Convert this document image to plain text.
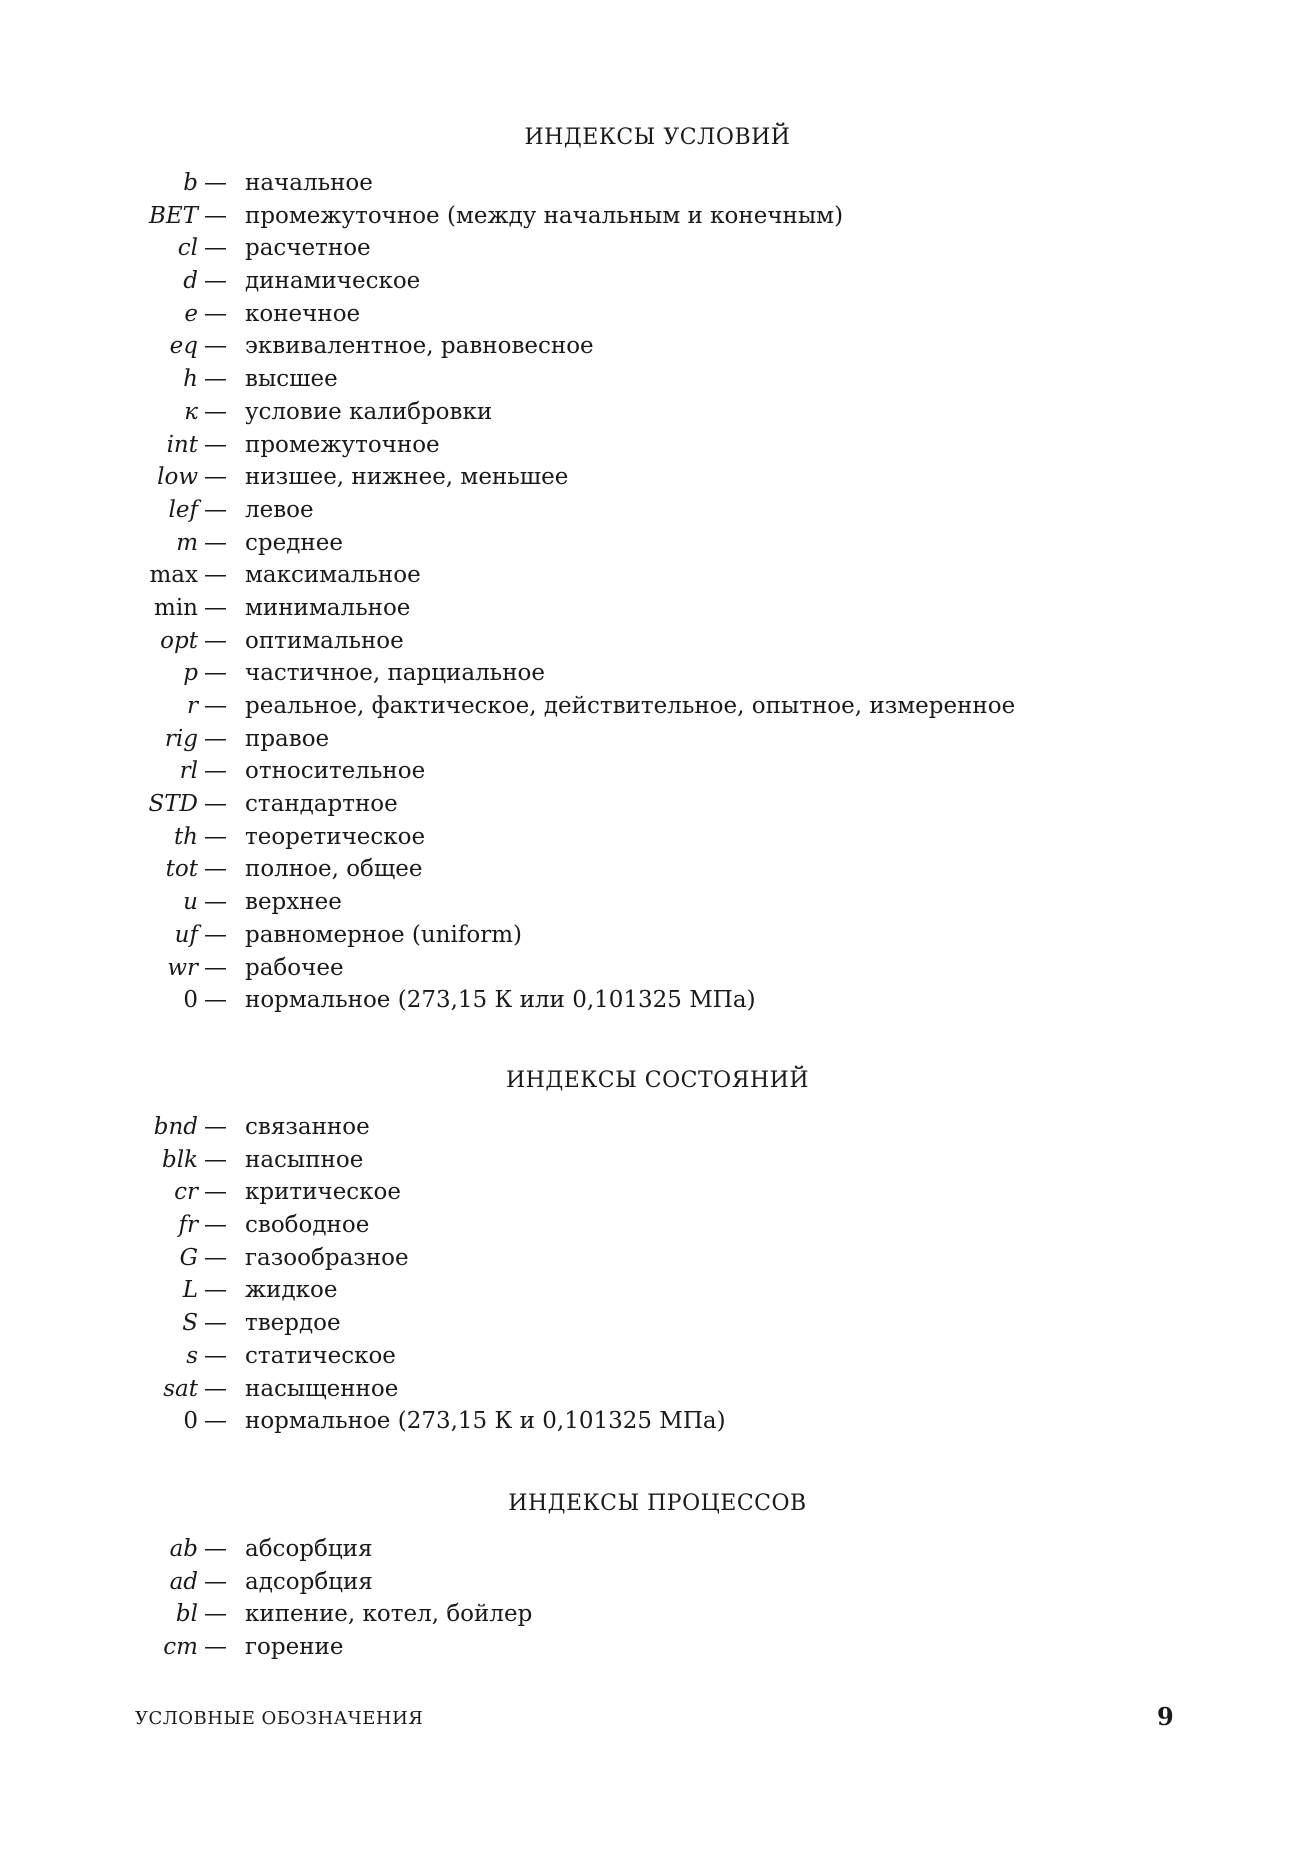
ИНДЕКСЫ УСЛОВИЙ
b — начальное
BET — промежуточное (между начальным и конечным)
cl — расчетное
d — динамическое
e — конечное
eq — эквивалентное, равновесное
h — высшее
к — условие калибровки
int — промежуточное
low — низшее, нижнее, меньшее
lef — левое
m — среднее
max — максимальное
min — минимальное
opt — оптимальное
p — частичное, парциальное
r — реальное, фактическое, действительное, опытное, измеренное
rig — правое
rl — относительное
STD — стандартное
th — теоретическое
tot — полное, общее
u — верхнее
uf — равномерное (uniform)
wr — рабочее
0 — нормальное (273,15 К или 0,101325 МПа)
ИНДЕКСЫ СОСТОЯНИЙ
bnd — связанное
blk — насыпное
cr — критическое
fr — свободное
G — газообразное
L — жидкое
S — твердое
s — статическое
sat — насыщенное
0 — нормальное (273,15 К и 0,101325 МПа)
ИНДЕКСЫ ПРОЦЕССОВ
ab — абсорбция
ad — адсорбция
bl — кипение, котел, бойлер
cm — горение
УСЛОВНЫЕ ОБОЗНАЧЕНИЯ	9
